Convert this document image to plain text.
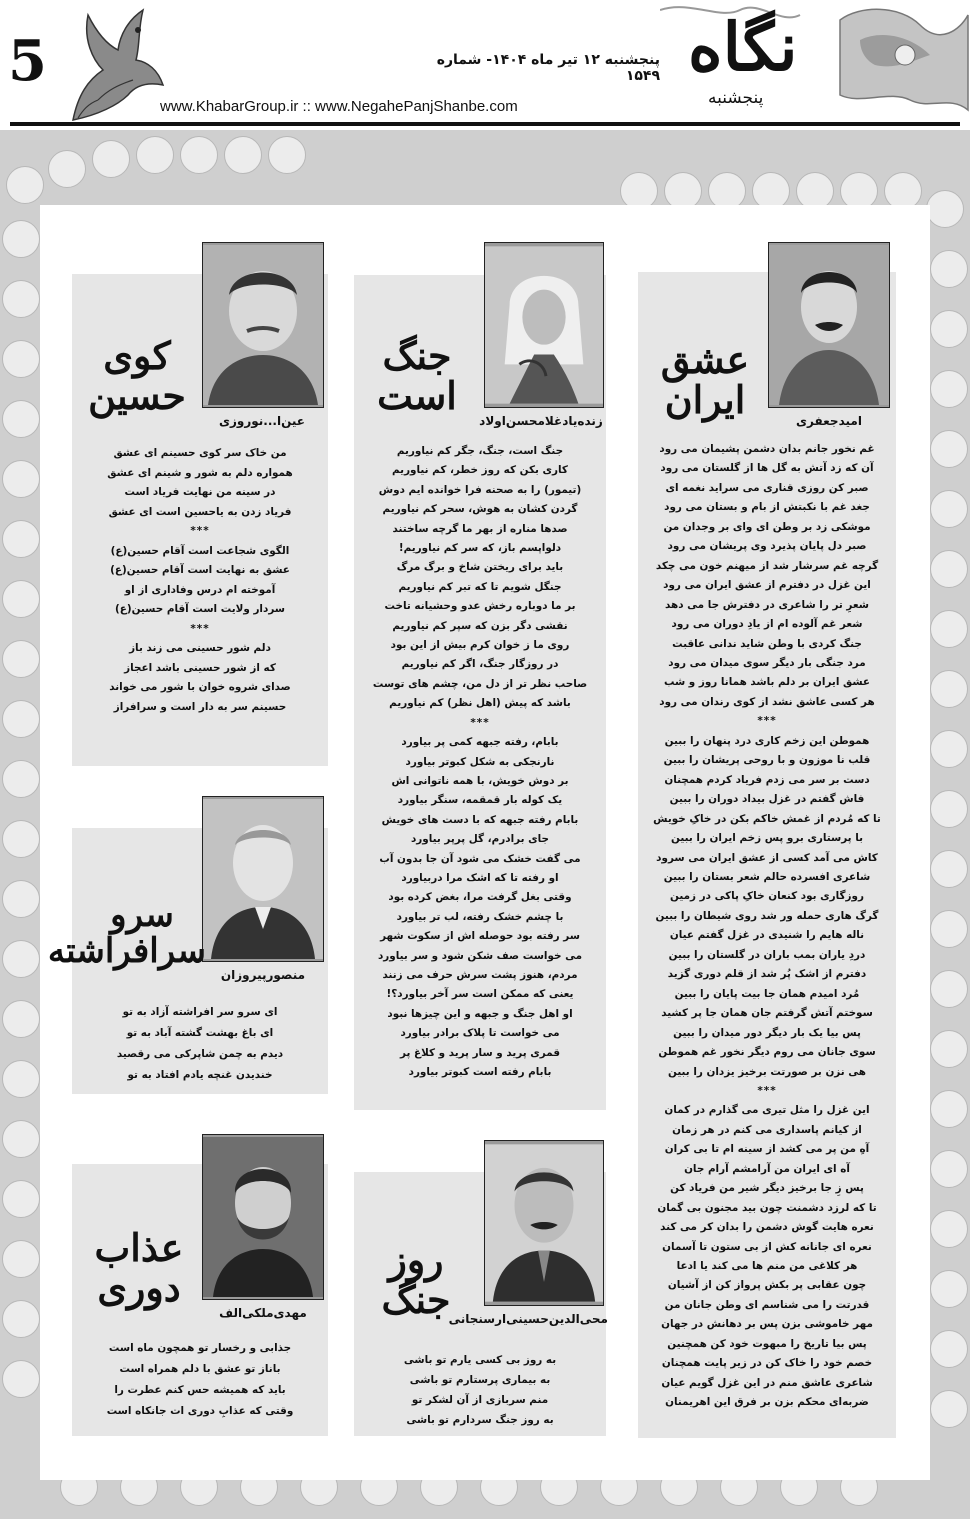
5	پنجشنبه ۱۲ تیر ماه ۱۴۰۴- شماره ۱۵۴۹
www.KhabarGroup.ir :: www.NegahePanjShanbe.com
نگاه
پنجشنبه
امیدجعفری
عشق
ایران
غم نخور جانم بدان دشمن پشیمان می رود
آن که زد آتش به گل ها از گلستان می رود
صبر کن روزی قناری می سراید نغمه ای
جغد غم با نکبتش از بام و بستان می رود
موشکی زد بر وطن ای وای بر وجدان من
صبر دل پایان پذیرد وی پریشان می رود
گرچه غم سرشار شد از میهنم خون می چکد
این غزل در دفترم از عشق ایران می رود
شعرِ تر را شاعری در دفترش جا می دهد
شعر غم آلوده ام از یادِ دوران می رود
جنگ کردی با وطن شاید ندانی عاقبت
مرد جنگی بار دیگر سوی میدان می رود
عشق ایران بر دلم باشد همانا روز و شب
هر کسی عاشق نشد از کوی رندان می رود
***
هموطن این زخم کاری درد پنهان را ببین
قلب نا موزون و با روحی پریشان را ببین
دست بر سر می زدم فریاد کردم همچنان
فاش گفتم در غزل بیداد دوران را ببین
تا که مُردم از غمش خاکم بکن در خاکِ خویش
با پرستاری برو پس زخم ایران را ببین
کاش می آمد کسی از عشق ایران می سرود
شاعری افسرده حالم شعر بستان را ببین
روزگاری بود کنعان خاکِ پاکی در زمین
گرگ هاری حمله ور شد روی شیطان را ببین
ناله هایم را شنیدی در غزل گفتم عیان
دردِ یاران بمب باران در گلستان را ببین
دفترم از اشک پُر شد از قلم دوری گزید
مُرد امیدم همان جا بیت پایان را ببین
سوختم آتش گرفتم جان همان جا پر کشید
پس بیا یک بار دیگر دور میدان را ببین
سوی جانان می روم دیگر نخور غم هموطن
هی نزن بر صورتت برخیز یزدان را ببین
***
این غزل را مثل تیری می گذارم در کمان
از کیانم پاسداری می کنم در هر زمان
آهِ من پر می کشد از سینه ام تا بی کران
آه ای ایران من آرامشم آرام جان
پس زِ جا برخیز دیگر شیر من فریاد کن
تا که لرزد دشمنت چون بید مجنون بی گمان
نعره هایت گوش دشمن را بدان کر می کند
نعره ای جانانه کش از بی ستون تا آسمان
هر کلاغی من منم ها می کند یا ادعا
چون عقابی پر بکش پرواز کن از آشیان
قدرتت را می شناسم ای وطن جانان من
مهر خاموشی بزن پس بر دهانش در جهان
پس بیا تاریخ را مبهوت خود کن همچنین
خصم خود را خاک کن در زیر پایت همچنان
شاعری عاشق منم در این غزل گویم عیان
ضربه‌ای محکم بزن بر فرق این اهریمنان
زنده‌یادغلامحسن‌اولاد
جنگ
است
جنگ است، جنگ، جگر کم نیاوریم
کاری بکن که روز خطر، کم نیاوریم
(تیمور) را به صحنه فرا خوانده ایم دوش
گردن کشان به هوش، سحر کم نیاوریم
صدها مناره از بهر ما گرچه ساختند
دلواپسم باز، که سر کم نیاوریم!
باید برای ریختن شاخ و برگ مرگ
جنگل شویم تا که تبر کم نیاوریم
بر ما دوباره رخش عدو وحشیانه تاخت
نقشی دگر بزن که سپر کم نیاوریم
روی ما ز خوان کرم بیش از این بود
در روزگار جنگ، اگر کم نیاوریم
صاحب نظر تر از دل من، چشم های توست
باشد که پیش (اهل نظر) کم نیاوریم
***
بابام، رفته جبهه کمی پر بیاورد
نارنجکی به شکل کبوتر بیاورد
بر دوش خویش، با همه ناتوانی اش
یک کوله بار قمقمه، سنگر بیاورد
بابام رفته جبهه که با دست های خویش
جای برادرم، گل پرپر بیاورد
می گفت خشک می شود آن جا بدون آب
او رفته تا که اشک مرا دربیاورد
وقتی بغل گرفت مرا، بغض کرده بود
با چشم خشک رفته، لب تر بیاورد
سر رفته بود حوصله اش از سکوت شهر
می خواست صف شکن شود و سر بیاورد
مردم، هنوز پشت سرش حرف می زنند
یعنی که ممکن است سر آخر بیاورد؟!
او اهل جنگ و جبهه و این چیزها نبود
می خواست تا پلاک برادر بیاورد
قمری پرید و سار پرید و کلاغ پر
بابام رفته است کبوتر بیاورد
عین‌ا...نوروزی
کوی
حسین
من خاک سر کوی حسینم ای عشق
همواره دلم به شور و شینم ای عشق
در سینه من نهایت فریاد است
فریاد زدن به یاحسین است ای عشق
***
الگوی شجاعت است آقام حسین(ع)
عشق به نهایت است آقام حسین(ع)
آموخته ام درس وفاداری از او
سردار ولایت است آقام حسین(ع)
***
دلم شور حسینی می زند باز
که از شور حسینی باشد اعجاز
صدای شروه خوان با شور می خواند
حسینم سر به دار است و سرافراز
منصورپیروزان
سرو
سرافراشته
ای سرو سر افراشته آزاد به تو
ای باغ بهشت گشته آباد به تو
دیدم به چمن شاپرکی می رقصید
خندیدن غنچه یادم افتاد به تو
مهدی‌ملکی‌الف
عذاب
دوری
جذابی و رخسار تو همچون ماه است
باناز تو عشق با دلم همراه است
باید که همیشه حس کنم عطرت را
وقتی که عذابِ دوری ات جانکاه است
محی‌الدین‌حسینی‌ارسنجانی
روز
جنگ
به روز بی کسی یارم تو باشی
به بیماری پرستارم تو باشی
منم سربازی از آن لشکر تو
به روز جنگ سردارم تو باشی
